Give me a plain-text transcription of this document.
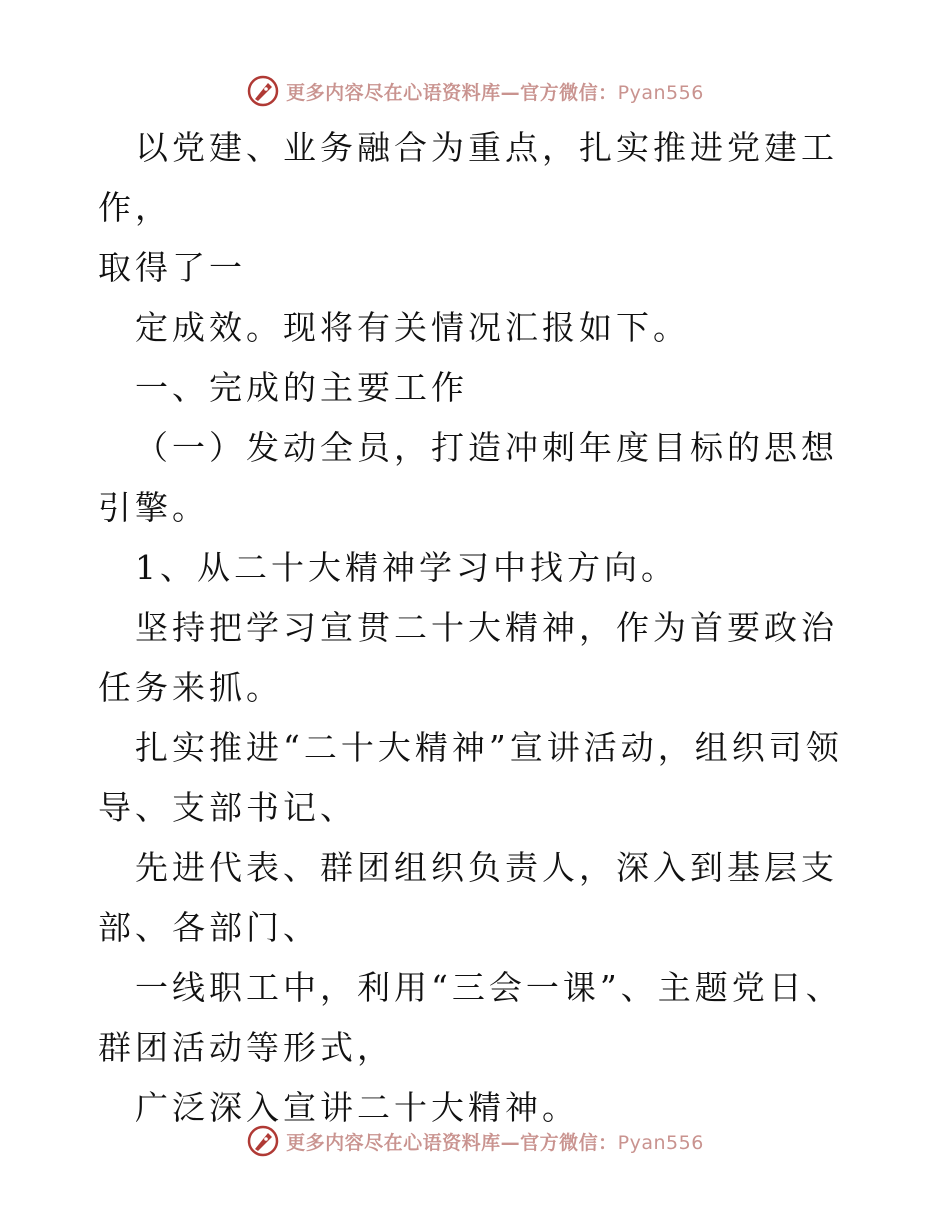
更多内容尽在心语资料库—官方微信：Pyan556

以党建、业务融合为重点，扎实推进党建工作，

取得了一

定成效。现将有关情况汇报如下。

一、完成的主要工作

（一）发动全员，打造冲刺年度目标的思想引擎。

1、从二十大精神学习中找方向。

坚持把学习宣贯二十大精神，作为首要政治任务来抓。

扎实推进“二十大精神”宣讲活动，组织司领导、支部书记、

先进代表、群团组织负责人，深入到基层支部、各部门、

一线职工中，利用“三会一课”、主题党日、群团活动等形式，

广泛深入宣讲二十大精神。

更多内容尽在心语资料库—官方微信：Pyan556
